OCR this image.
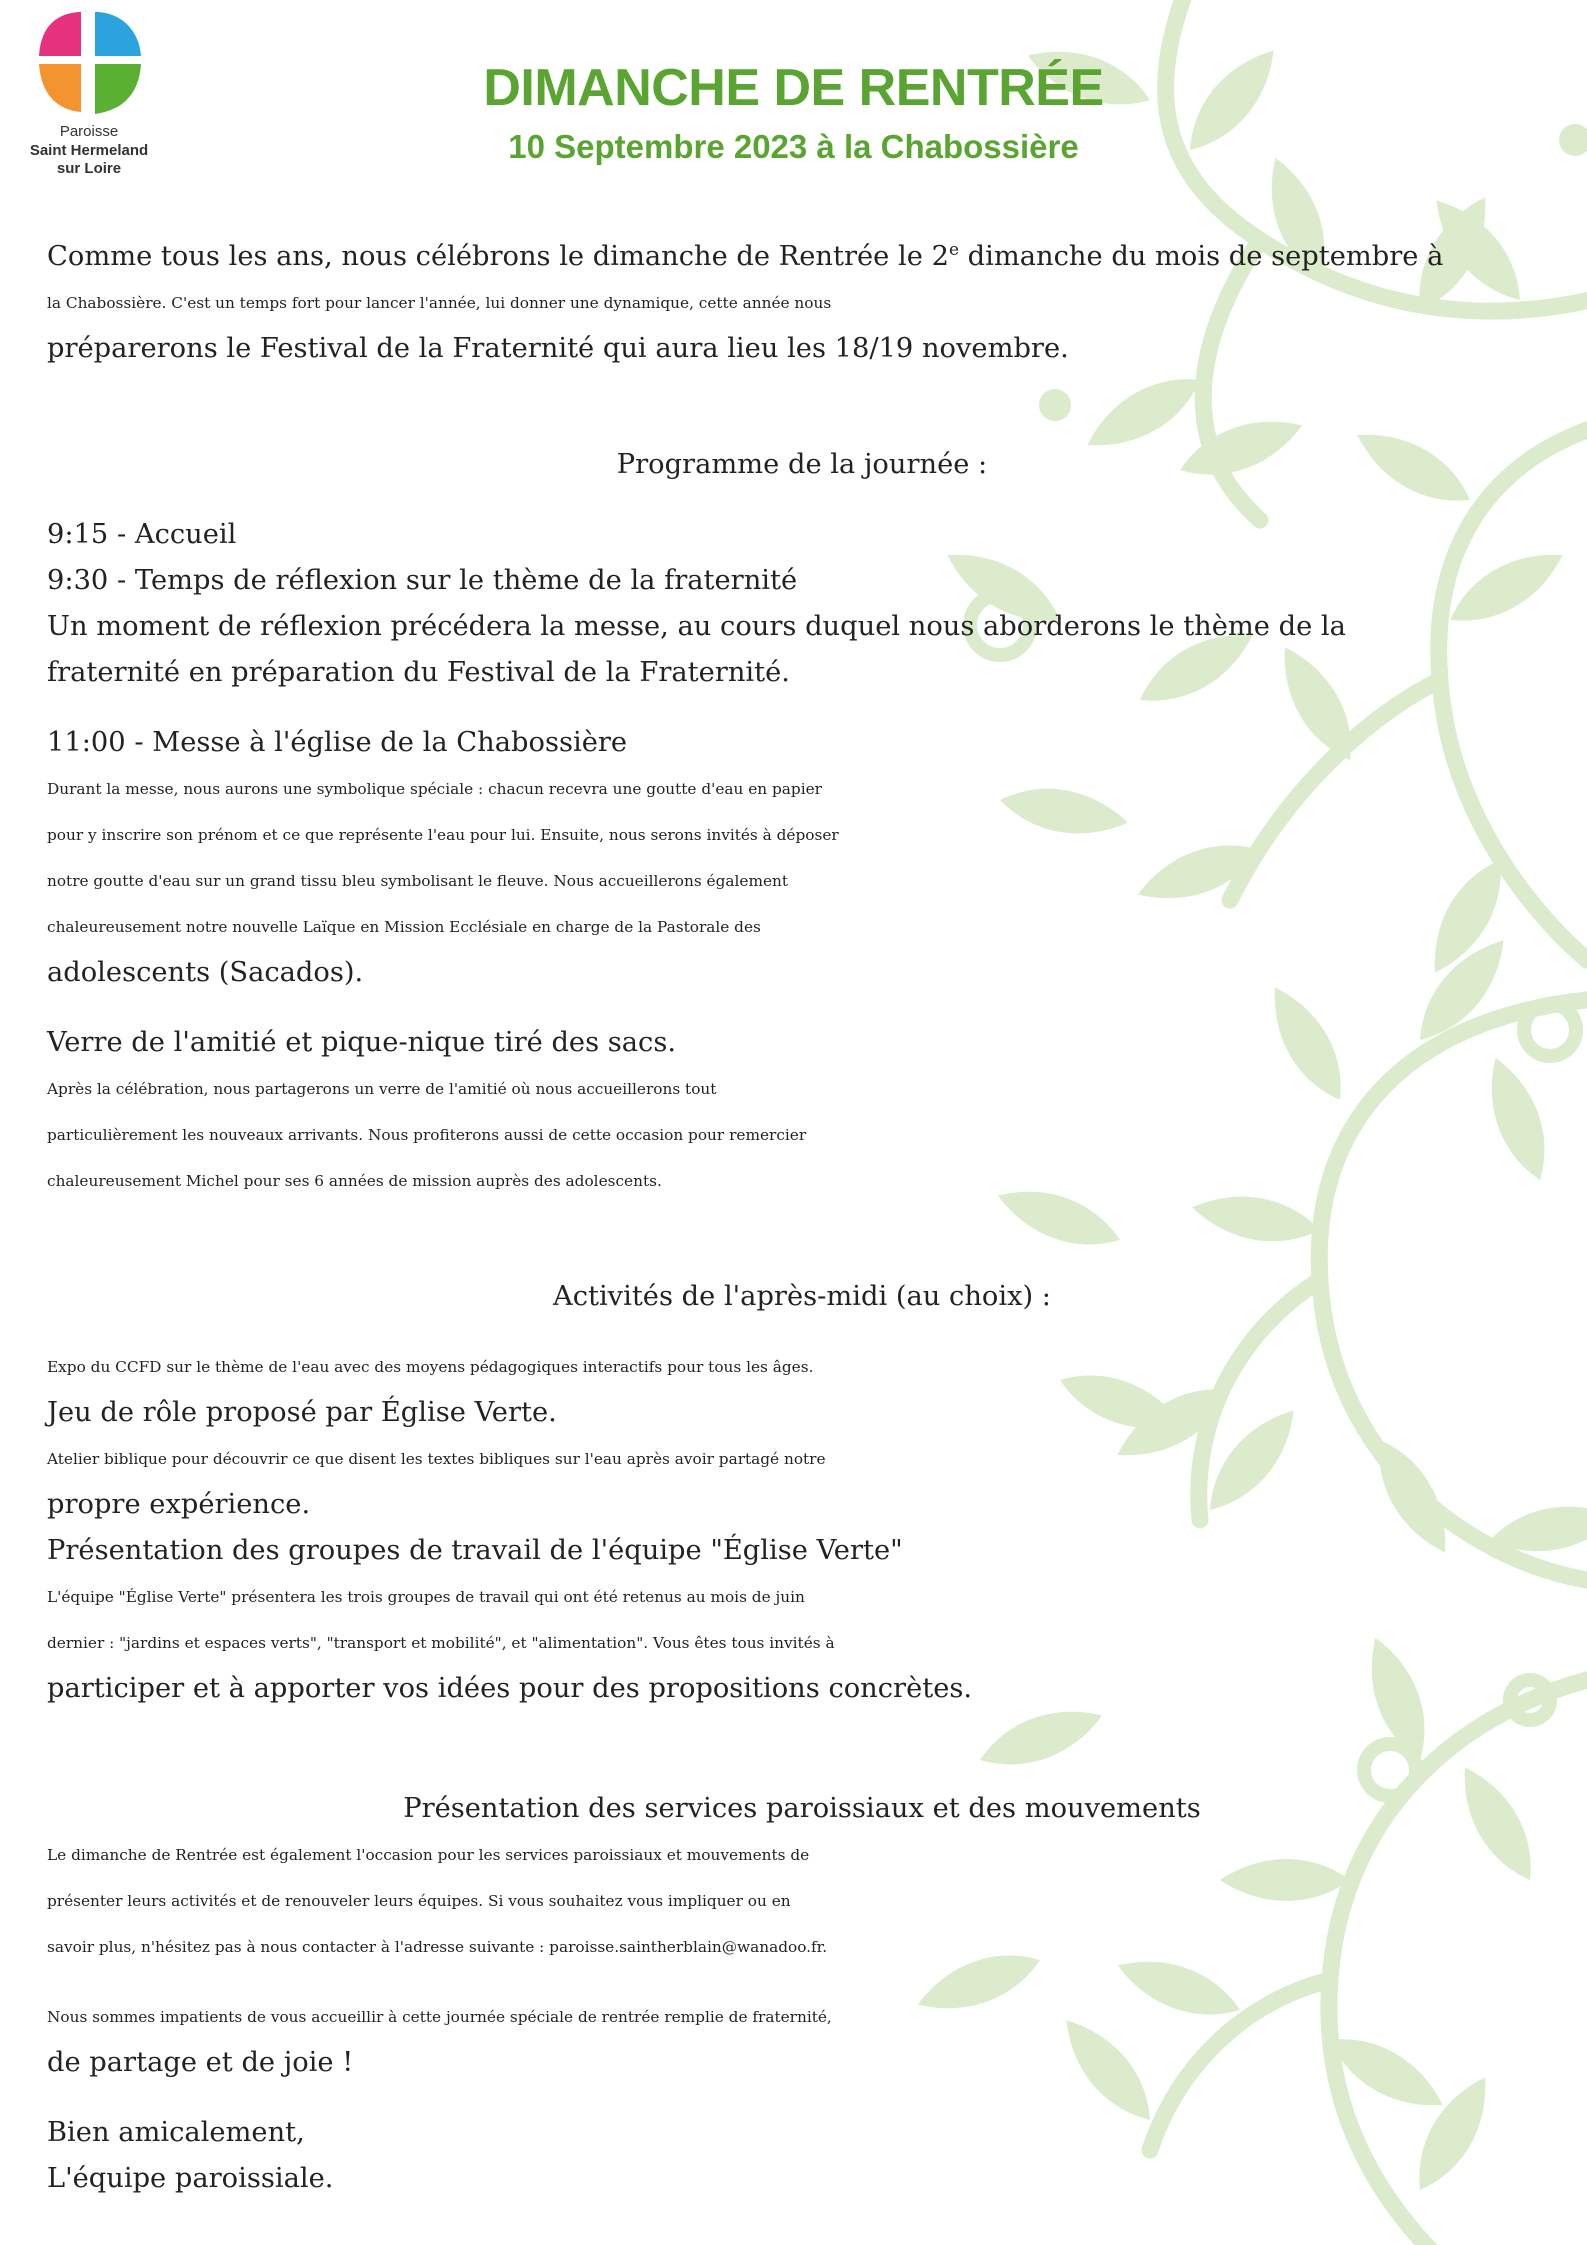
Paroisse
Saint Hermeland
sur Loire
DIMANCHE DE RENTRÉE
10 Septembre 2023 à la Chabossière

Comme tous les ans, nous célébrons le dimanche de Rentrée le 2e dimanche du mois de septembre à

la Chabossière. C'est un temps fort pour lancer l'année, lui donner une dynamique, cette année nous

préparerons le Festival de la Fraternité qui aura lieu les 18/19 novembre.

Programme de la journée :

9:15 - Accueil

9:30 - Temps de réflexion sur le thème de la fraternité

Un moment de réflexion précédera la messe, au cours duquel nous aborderons le thème de la

fraternité en préparation du Festival de la Fraternité.

11:00 - Messe à l'église de la Chabossière

Durant la messe, nous aurons une symbolique spéciale : chacun recevra une goutte d'eau en papier

pour y inscrire son prénom et ce que représente l'eau pour lui. Ensuite, nous serons invités à déposer

notre goutte d'eau sur un grand tissu bleu symbolisant le fleuve. Nous accueillerons également

chaleureusement notre nouvelle Laïque en Mission Ecclésiale en charge de la Pastorale des

adolescents (Sacados).

Verre de l'amitié et pique-nique tiré des sacs.

Après la célébration, nous partagerons un verre de l'amitié où nous accueillerons tout

particulièrement les nouveaux arrivants. Nous profiterons aussi de cette occasion pour remercier

chaleureusement Michel pour ses 6 années de mission auprès des adolescents.

Activités de l'après-midi (au choix) :

Expo du CCFD sur le thème de l'eau avec des moyens pédagogiques interactifs pour tous les âges.

Jeu de rôle proposé par Église Verte.

Atelier biblique pour découvrir ce que disent les textes bibliques sur l'eau après avoir partagé notre

propre expérience.

Présentation des groupes de travail de l'équipe "Église Verte"

L'équipe "Église Verte" présentera les trois groupes de travail qui ont été retenus au mois de juin

dernier : "jardins et espaces verts", "transport et mobilité", et "alimentation". Vous êtes tous invités à

participer et à apporter vos idées pour des propositions concrètes.

Présentation des services paroissiaux et des mouvements

Le dimanche de Rentrée est également l'occasion pour les services paroissiaux et mouvements de

présenter leurs activités et de renouveler leurs équipes. Si vous souhaitez vous impliquer ou en

savoir plus, n'hésitez pas à nous contacter à l'adresse suivante : paroisse.saintherblain@wanadoo.fr.

Nous sommes impatients de vous accueillir à cette journée spéciale de rentrée remplie de fraternité,

de partage et de joie !

Bien amicalement,

L'équipe paroissiale.
